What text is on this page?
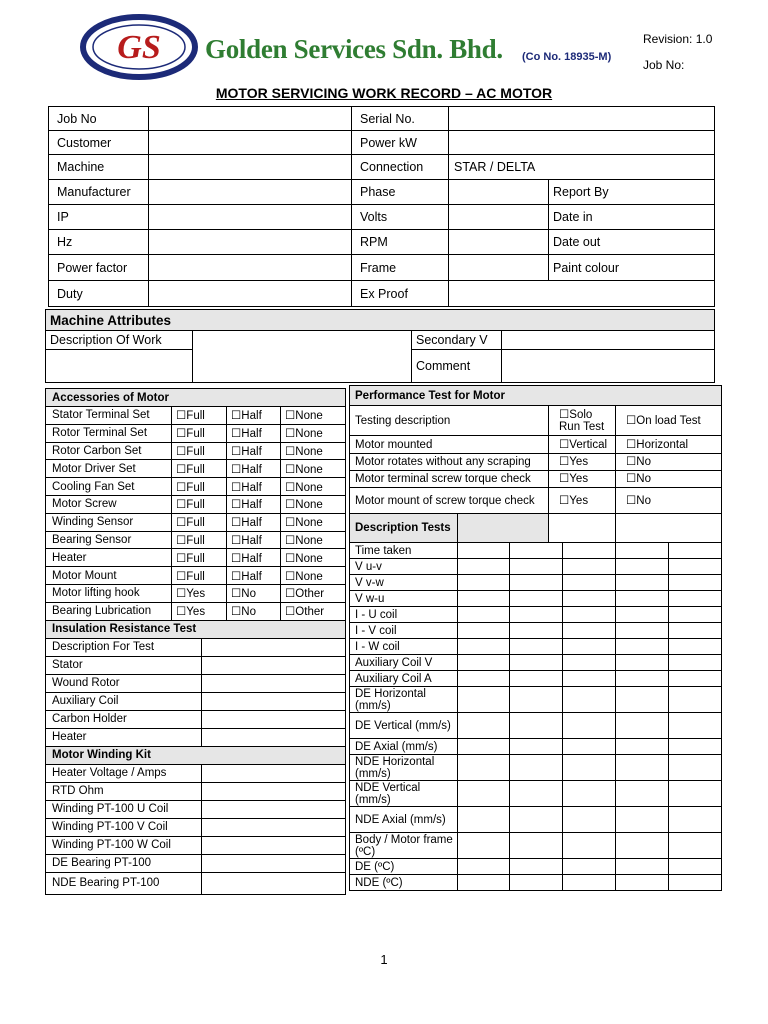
GS Golden Services Sdn. Bhd. (Co No. 18935-M)
Revision: 1.0
Job No:
MOTOR SERVICING WORK RECORD – AC MOTOR
Job No		Serial No.		
Customer		Power kW		
Machine		Connection	STAR / DELTA	
Manufacturer		Phase		Report By
IP		Volts		Date in
Hz		RPM		Date out
Power factor		Frame		Paint colour
Duty		Ex Proof		
Machine Attributes			
Description Of Work		Secondary V	
		Comment	
Accessories of Motor				
Stator Terminal Set	☐Full		☐Half	☐None
Rotor Terminal Set	☐Full		☐Half	☐None
Rotor Carbon Set	☐Full		☐Half	☐None
Motor Driver Set	☐Full		☐Half	☐None
Cooling Fan Set	☐Full		☐Half	☐None
Motor Screw	☐Full		☐Half	☐None
Winding Sensor	☐Full		☐Half	☐None
Bearing Sensor	☐Full		☐Half	☐None
Heater	☐Full		☐Half	☐None
Motor Mount	☐Full		☐Half	☐None
Motor lifting hook	☐Yes		☐No	☐Other
Bearing Lubrication	☐Yes		☐No	☐Other
Insulation Resistance Test				
Description For Test				
Stator				
Wound Rotor				
Auxiliary Coil				
Carbon Holder				
Heater				
Motor Winding Kit				
Heater Voltage / Amps				
RTD Ohm				
Winding PT-100 U Coil				
Winding PT-100 V Coil				
Winding PT-100 W Coil				
DE Bearing PT-100				
NDE Bearing PT-100				
Performance Test for Motor						
Testing description			☐Solo Run Test		☐On load Test	
Motor mounted			☐Vertical		☐Horizontal	
Motor rotates without any scraping			☐Yes		☐No	
Motor terminal screw torque check			☐Yes		☐No	
Motor mount of screw torque check			☐Yes		☐No	
Description Tests						
Time taken						
V u-v						
V v-w						
V w-u						
I - U coil						
I - V coil						
I - W coil						
Auxiliary Coil V						
Auxiliary Coil A						
DE Horizontal (mm/s)						
DE Vertical (mm/s)						
DE Axial (mm/s)						
NDE Horizontal (mm/s)						
NDE Vertical (mm/s)						
NDE Axial (mm/s)						
Body / Motor frame (ºC)						
DE (ºC)						
NDE (ºC)						
1
